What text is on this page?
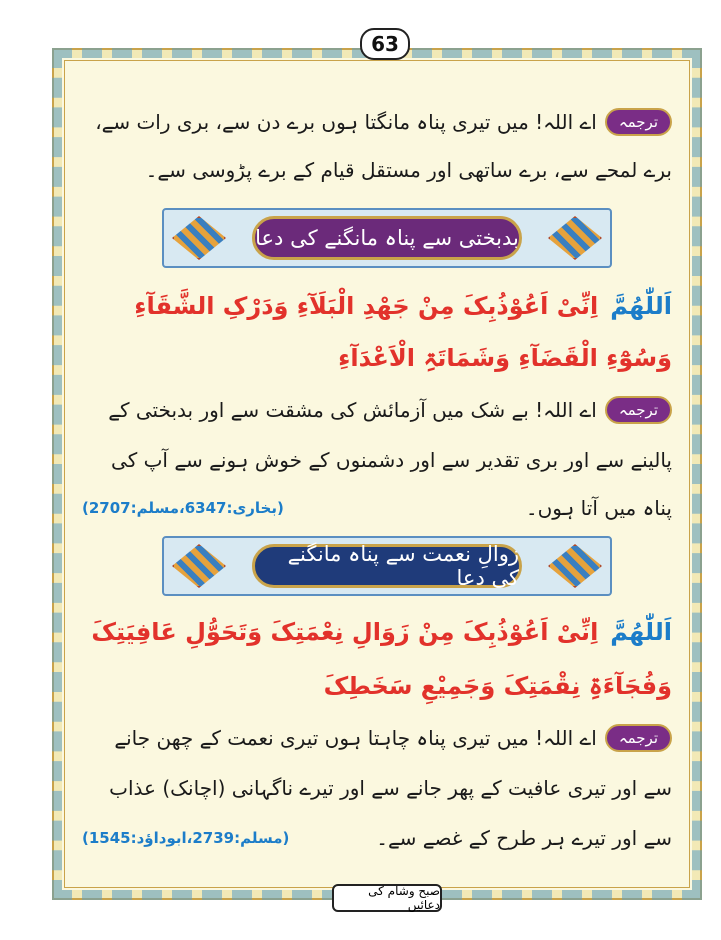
63
ترجمہ
اے اللہ! میں تیری پناہ مانگتا ہوں برے دن سے، بری رات سے،
برے لمحے سے، برے ساتھی اور مستقل قیام کے برے پڑوسی سے۔
بدبختی سے پناہ مانگنے کی دعا
اَللّٰھُمَّ
اِنِّیْ اَعُوْذُبِکَ مِنْ جَھْدِ الْبَلَآءِ وَدَرْکِ الشَّقَآءِ
وَسُوْٓءِ الْقَضَآءِ وَشَمَاتَۃِ الْاَعْدَآءِ
ترجمہ
اے اللہ! بے شک میں آزمائش کی مشقت سے اور بدبختی کے
پالینے سے اور بری تقدیر سے اور دشمنوں کے خوش ہونے سے آپ کی
پناہ میں آتا ہوں۔
(بخاری:6347،مسلم:2707)
زوالِ نعمت سے پناہ مانگنے کی دعا
اَللّٰھُمَّ
اِنِّیْ اَعُوْذُبِکَ مِنْ زَوَالِ نِعْمَتِکَ وَتَحَوُّلِ عَافِیَتِکَ
وَفُجَآءَۃِ نِقْمَتِکَ وَجَمِیْعِ سَخَطِکَ
ترجمہ
اے اللہ! میں تیری پناہ چاہتا ہوں تیری نعمت کے چھن جانے
سے اور تیری عافیت کے پھر جانے سے اور تیرے ناگہانی (اچانک) عذاب
سے اور تیرے ہر طرح کے غصے سے۔
(مسلم:2739،ابوداؤد:1545)
صبح وشام کی دعائیں
